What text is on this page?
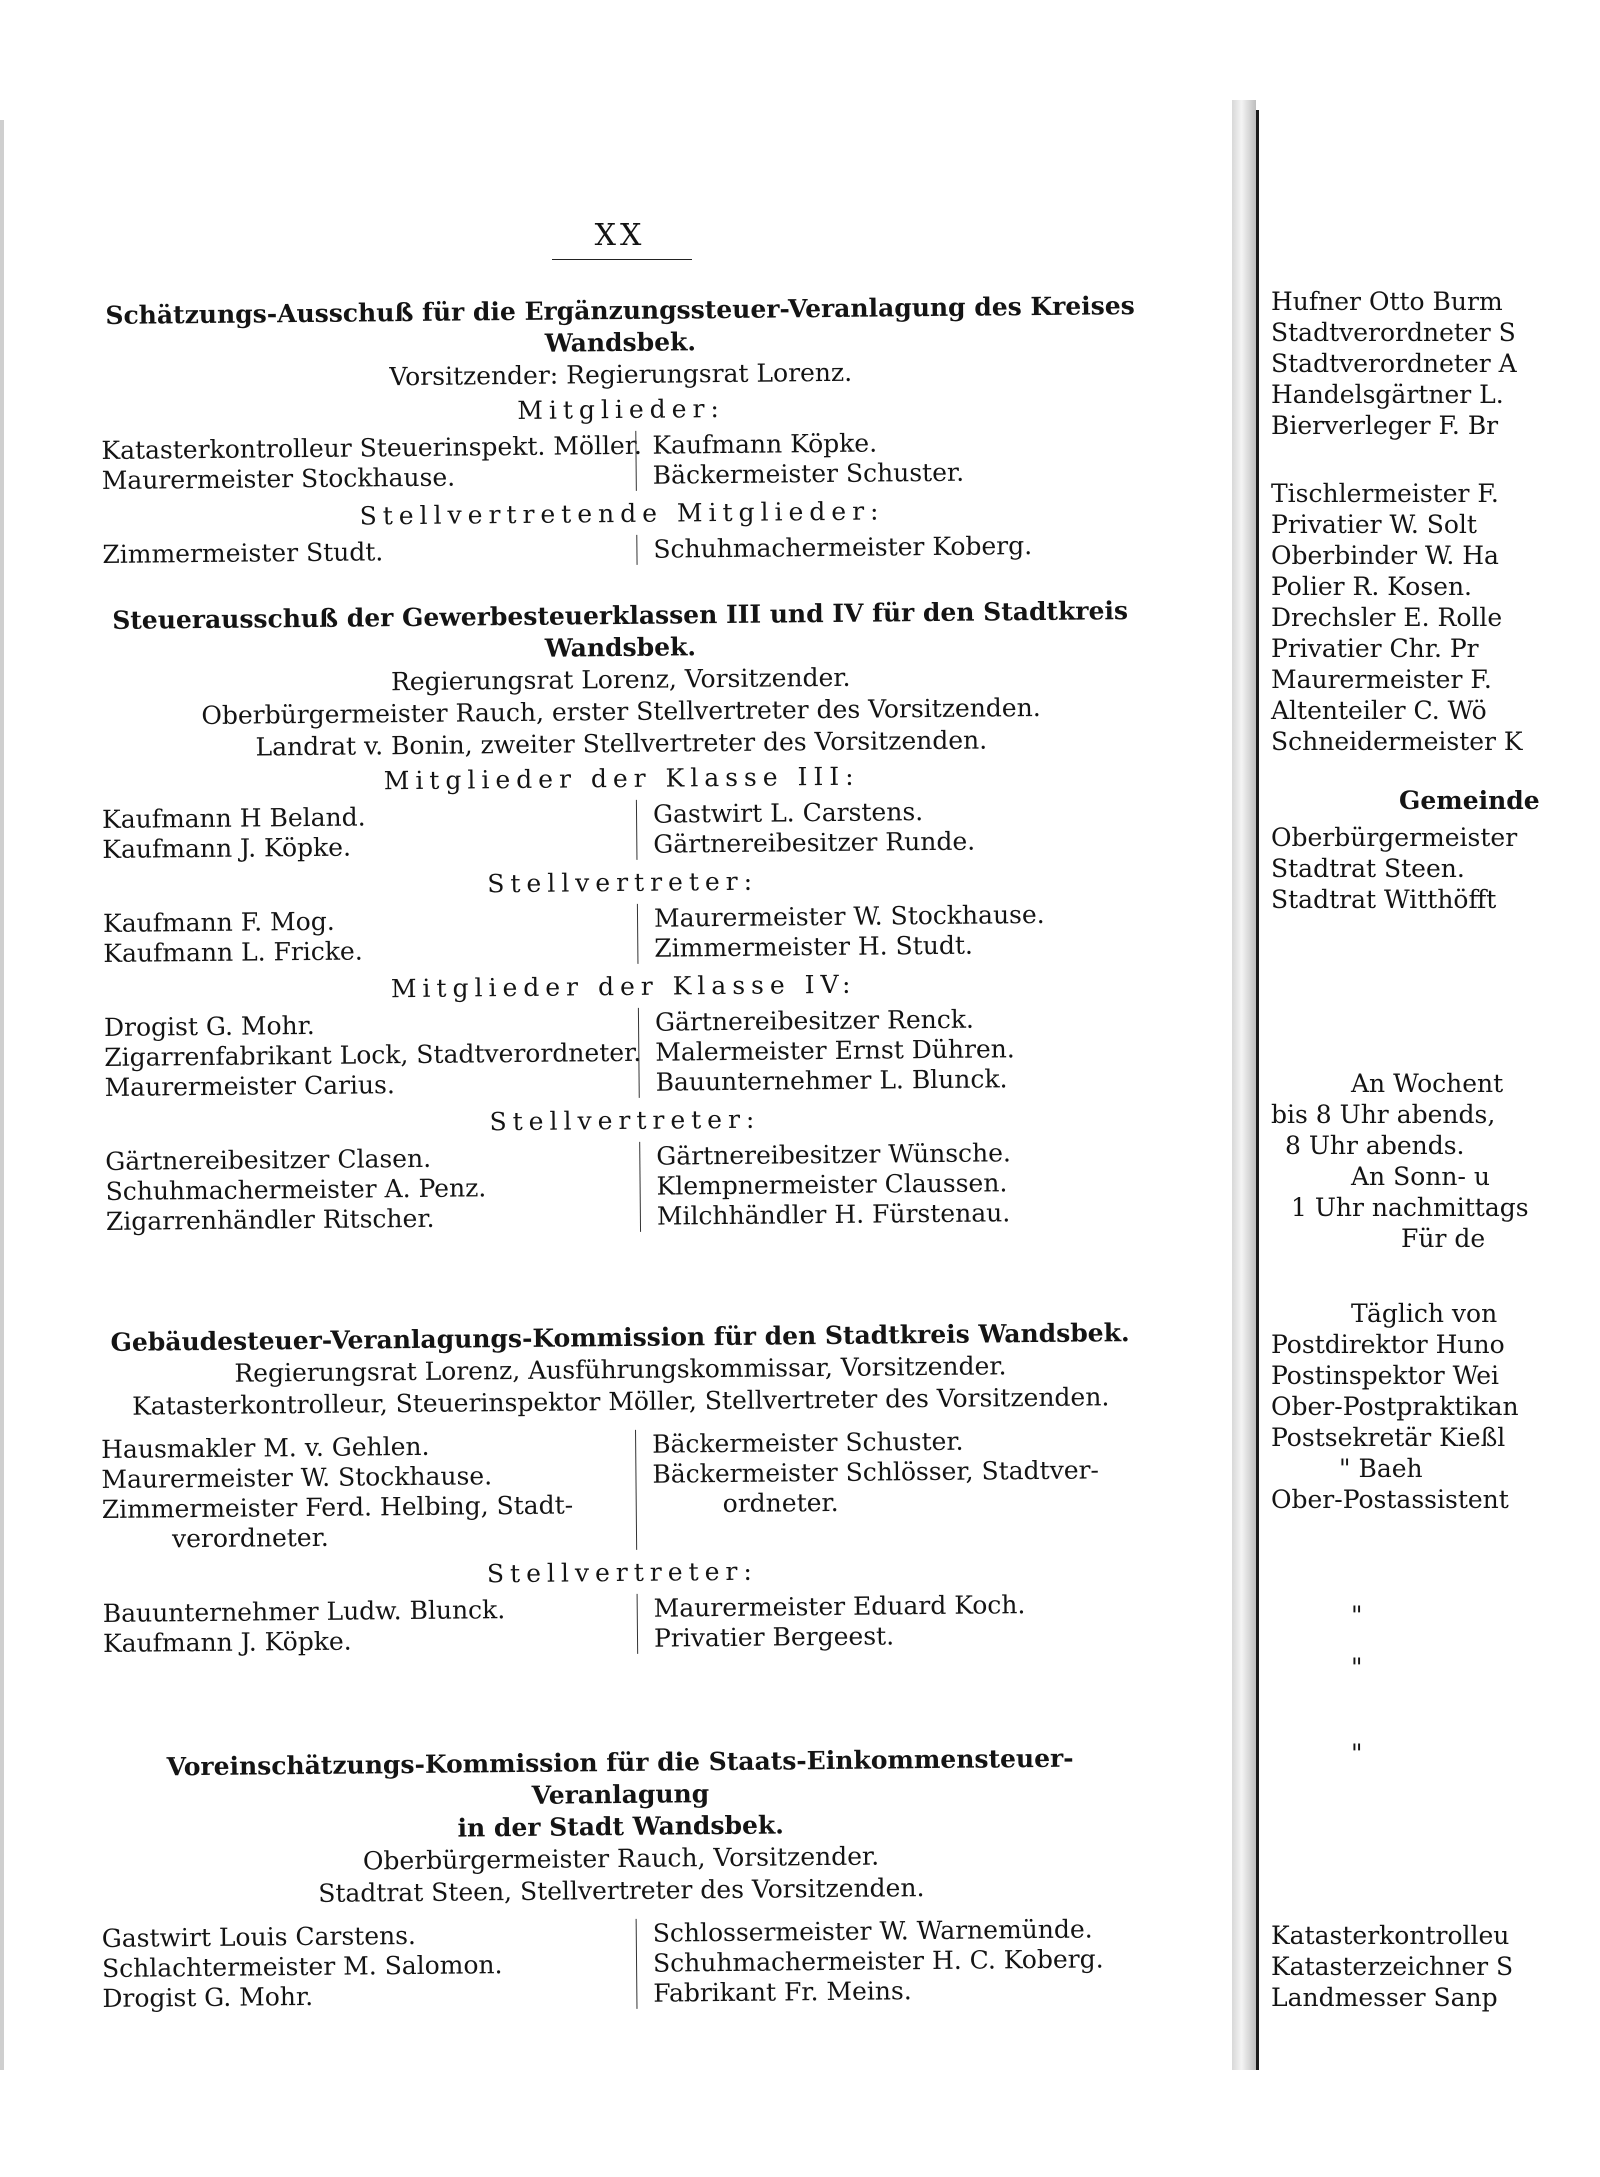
XX
Schätzungs-Ausschuß für die Ergänzungssteuer-Veranlagung des Kreises Wandsbek.
Vorsitzender: Regierungsrat Lorenz.
Mitglieder:
Katasterkontrolleur Steuerinspekt. Möller.
Maurermeister Stockhause.
Kaufmann Köpke.
Bäckermeister Schuster.
Stellvertretende Mitglieder:
Zimmermeister Studt.	Schuhmachermeister Koberg.
Steuerausschuß der Gewerbesteuerklassen III und IV für den Stadtkreis Wandsbek.
Regierungsrat Lorenz, Vorsitzender.
Oberbürgermeister Rauch, erster Stellvertreter des Vorsitzenden.
Landrat v. Bonin, zweiter Stellvertreter des Vorsitzenden.
Mitglieder der Klasse III:
Kaufmann H Beland.
Kaufmann J. Köpke.
Gastwirt L. Carstens.
Gärtnereibesitzer Runde.
Stellvertreter:
Kaufmann F. Mog.
Kaufmann L. Fricke.
Maurermeister W. Stockhause.
Zimmermeister H. Studt.
Mitglieder der Klasse IV:
Drogist G. Mohr.
Zigarrenfabrikant Lock, Stadtverordneter.
Maurermeister Carius.
Gärtnereibesitzer Renck.
Malermeister Ernst Dühren.
Bauunternehmer L. Blunck.
Stellvertreter:
Gärtnereibesitzer Clasen.
Schuhmachermeister A. Penz.
Zigarrenhändler Ritscher.
Gärtnereibesitzer Wünsche.
Klempnermeister Claussen.
Milchhändler H. Fürstenau.
Gebäudesteuer-Veranlagungs-Kommission für den Stadtkreis Wandsbek.
Regierungsrat Lorenz, Ausführungskommissar, Vorsitzender.
Katasterkontrolleur, Steuerinspektor Möller, Stellvertreter des Vorsitzenden.
Hausmakler M. v. Gehlen.
Maurermeister W. Stockhause.
Zimmermeister Ferd. Helbing, Stadt-
verordneter.
Bäckermeister Schuster.
Bäckermeister Schlösser, Stadtver-
ordneter.
Stellvertreter:
Bauunternehmer Ludw. Blunck.
Kaufmann J. Köpke.
Maurermeister Eduard Koch.
Privatier Bergeest.
Voreinschätzungs-Kommission für die Staats-Einkommensteuer-Veranlagung
in der Stadt Wandsbek.
Oberbürgermeister Rauch, Vorsitzender.
Stadtrat Steen, Stellvertreter des Vorsitzenden.
Gastwirt Louis Carstens.
Schlachtermeister M. Salomon.
Drogist G. Mohr.
Schlossermeister W. Warnemünde.
Schuhmachermeister H. C. Koberg.
Fabrikant Fr. Meins.
Hufner Otto Burm
Stadtverordneter S
Stadtverordneter A
Handelsgärtner L.
Bierverleger F. Br
Tischlermeister F.
Privatier W. Solt
Oberbinder W. Ha
Polier R. Kosen.
Drechsler E. Rolle
Privatier Chr. Pr
Maurermeister F.
Altenteiler C. Wö
Schneidermeister K
Gemeinde
Oberbürgermeister
Stadtrat Steen.
Stadtrat Witthöfft
An Wochent
bis 8 Uhr abends,
8 Uhr abends.
An Sonn- u
1 Uhr nachmittags
Für de
Täglich von
Postdirektor Huno
Postinspektor Wei
Ober-Postpraktikan
Postsekretär Kießl
" Baeh
Ober-Postassistent
"
"
"
Katasterkontrolleu
Katasterzeichner S
Landmesser Sanp
